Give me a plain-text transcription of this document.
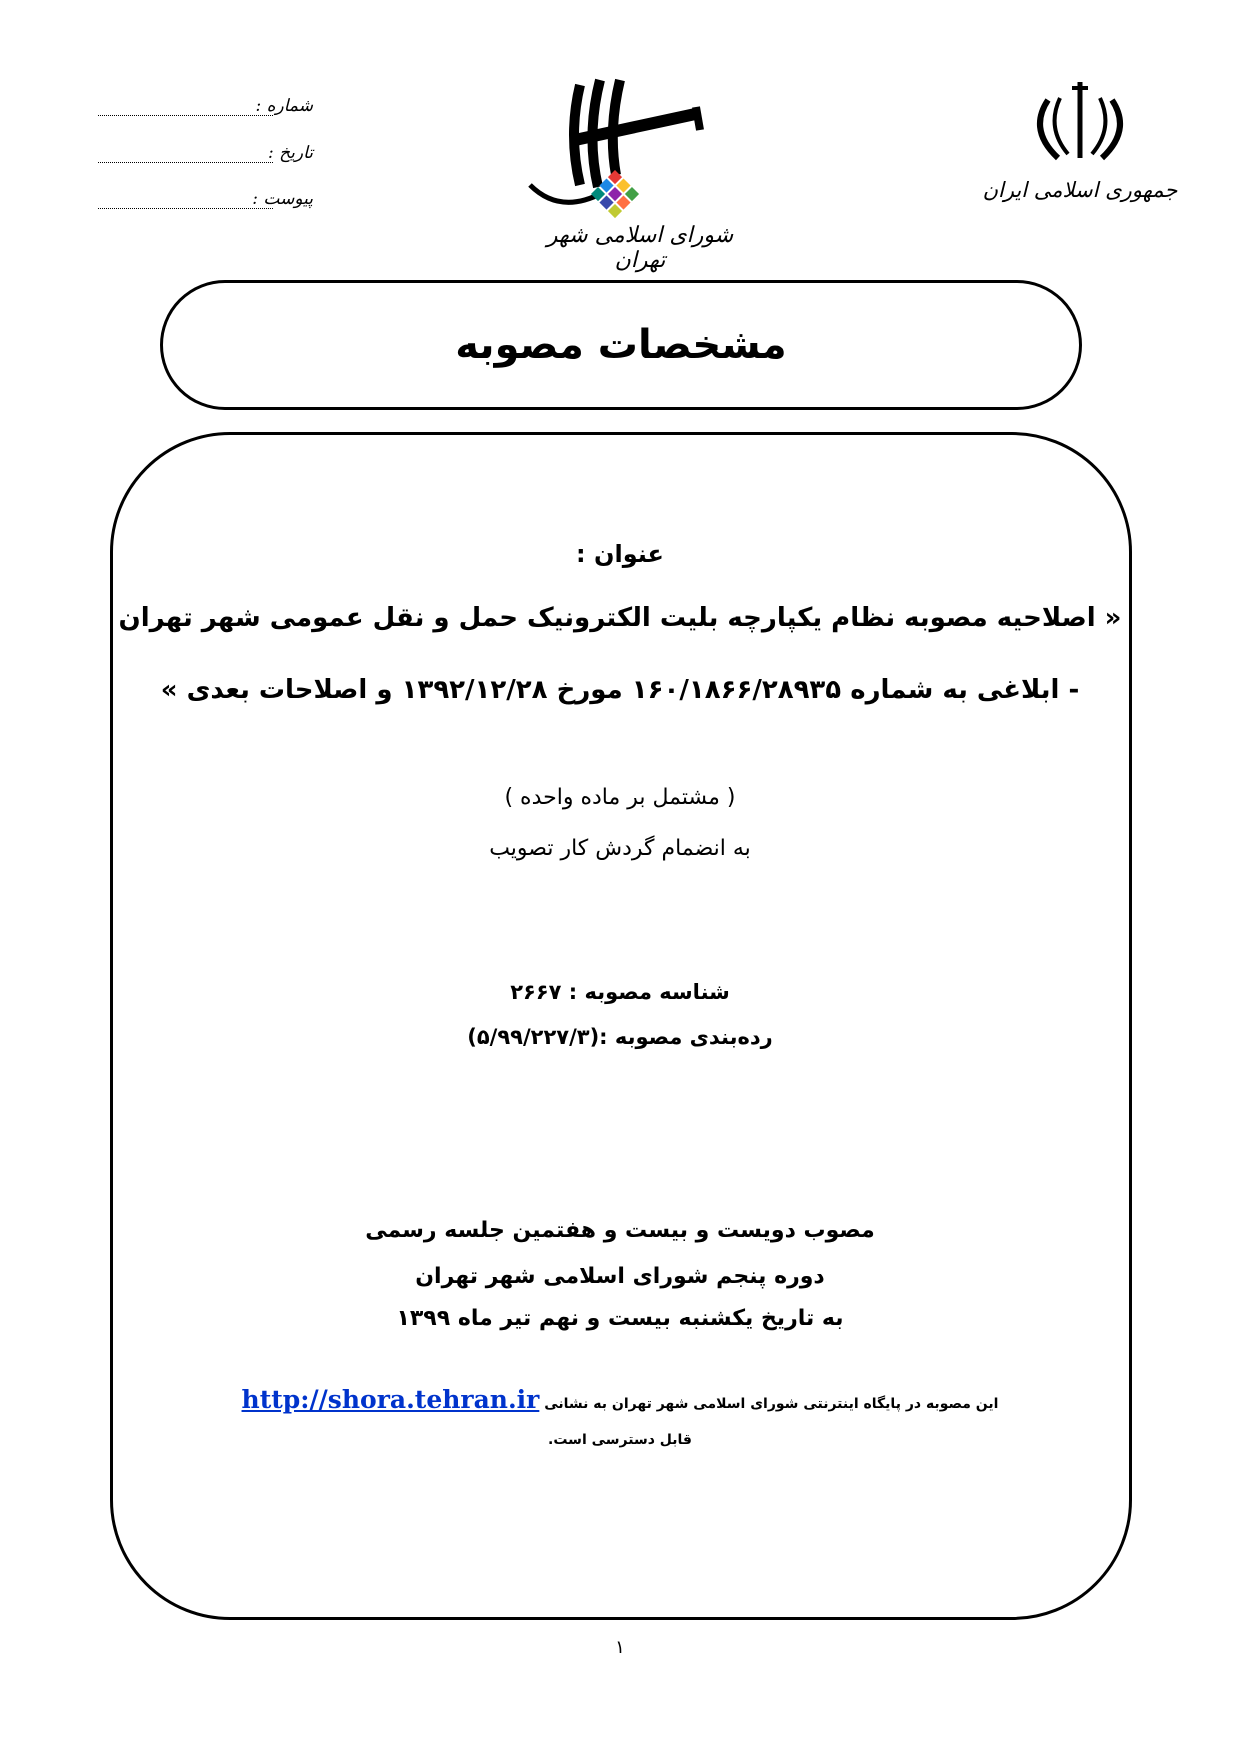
شماره :
تاریخ :
پیوست :
شورای اسلامی شهر تهران
جمهوری اسلامی ایران
مشخصات مصوبه
عنوان :
« اصلاحیه مصوبه نظام یکپارچه بلیت الکترونیک حمل و نقل عمومی شهر تهران
- ابلاغی به شماره ۱۶۰/۱۸۶۶/۲۸۹۳۵ مورخ ۱۳۹۲/۱۲/۲۸ و اصلاحات بعدی »
( مشتمل بر ماده واحده )
به انضمام گردش کار تصویب
شناسه مصوبه : ۲۶۶۷
رده‌بندی مصوبه :(۵/۹۹/۲۲۷/۳)
مصوب دویست و بیست و هفتمین جلسه رسمی
دوره پنجم شورای اسلامی شهر تهران
به تاریخ یکشنبه بیست و نهم تیر ماه ۱۳۹۹
این مصوبه در پایگاه اینترنتی شورای اسلامی شهر تهران به نشانی http://shora.tehran.ir
قابل دسترسی است.
۱
